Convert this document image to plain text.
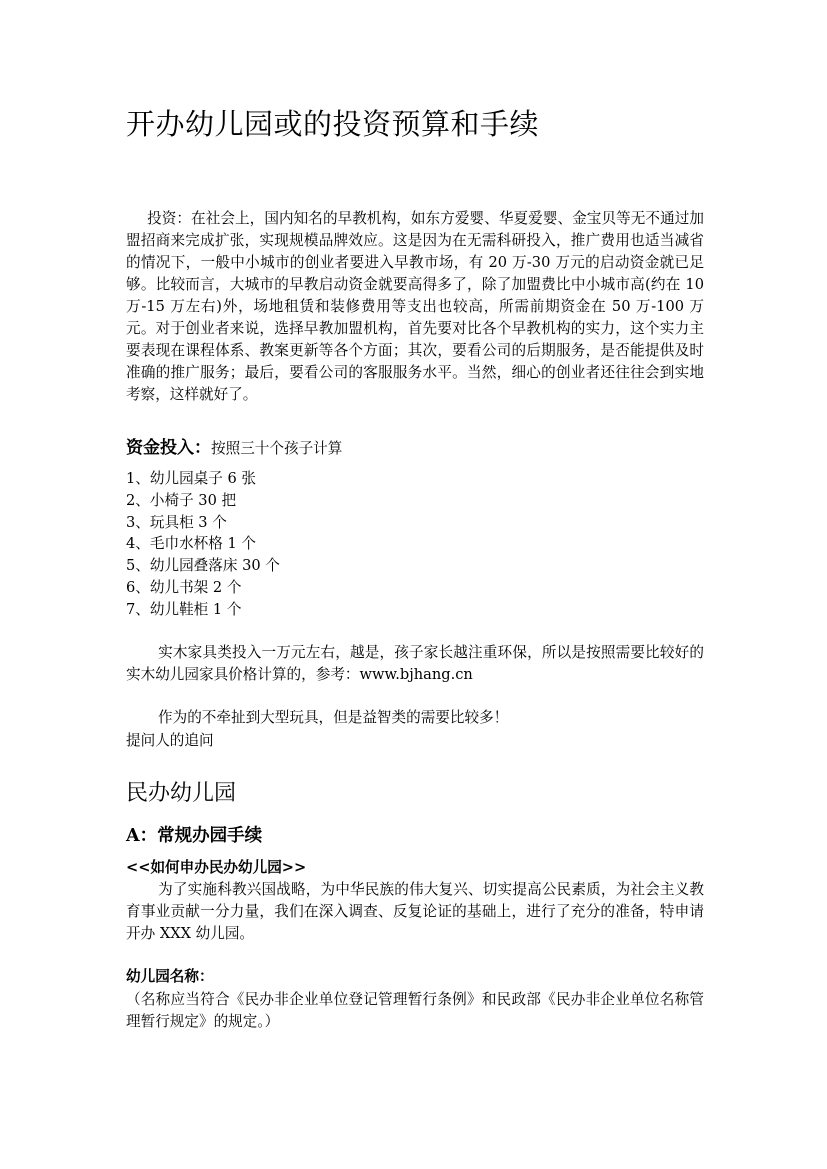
开办幼儿园或的投资预算和手续
投资：在社会上，国内知名的早教机构，如东方爱婴、华夏爱婴、金宝贝等无不通过加盟招商来完成扩张，实现规模品牌效应。这是因为在无需科研投入，推广费用也适当减省的情况下，一般中小城市的创业者要进入早教市场，有 20 万-30 万元的启动资金就已足够。比较而言，大城市的早教启动资金就要高得多了，除了加盟费比中小城市高(约在 10 万-15 万左右)外，场地租赁和装修费用等支出也较高，所需前期资金在 50 万-100 万元。对于创业者来说，选择早教加盟机构，首先要对比各个早教机构的实力，这个实力主要表现在课程体系、教案更新等各个方面；其次，要看公司的后期服务，是否能提供及时准确的推广服务；最后，要看公司的客服服务水平。当然，细心的创业者还往往会到实地考察，这样就好了。
资金投入：按照三十个孩子计算
1、幼儿园桌子 6 张
2、小椅子 30 把
3、玩具柜 3 个
4、毛巾水杯格 1 个
5、幼儿园叠落床 30 个
6、幼儿书架 2 个
7、幼儿鞋柜 1 个
实木家具类投入一万元左右，越是，孩子家长越注重环保，所以是按照需要比较好的实木幼儿园家具价格计算的，参考：www.bjhang.cn
作为的不牵扯到大型玩具，但是益智类的需要比较多！
提问人的追问
民办幼儿园
A：常规办园手续
<<如何申办民办幼儿园>>
为了实施科教兴国战略，为中华民族的伟大复兴、切实提高公民素质，为社会主义教育事业贡献一分力量，我们在深入调查、反复论证的基础上，进行了充分的准备，特申请开办 XXX 幼儿园。
幼儿园名称：
（名称应当符合《民办非企业单位登记管理暂行条例》和民政部《民办非企业单位名称管理暂行规定》的规定。）
